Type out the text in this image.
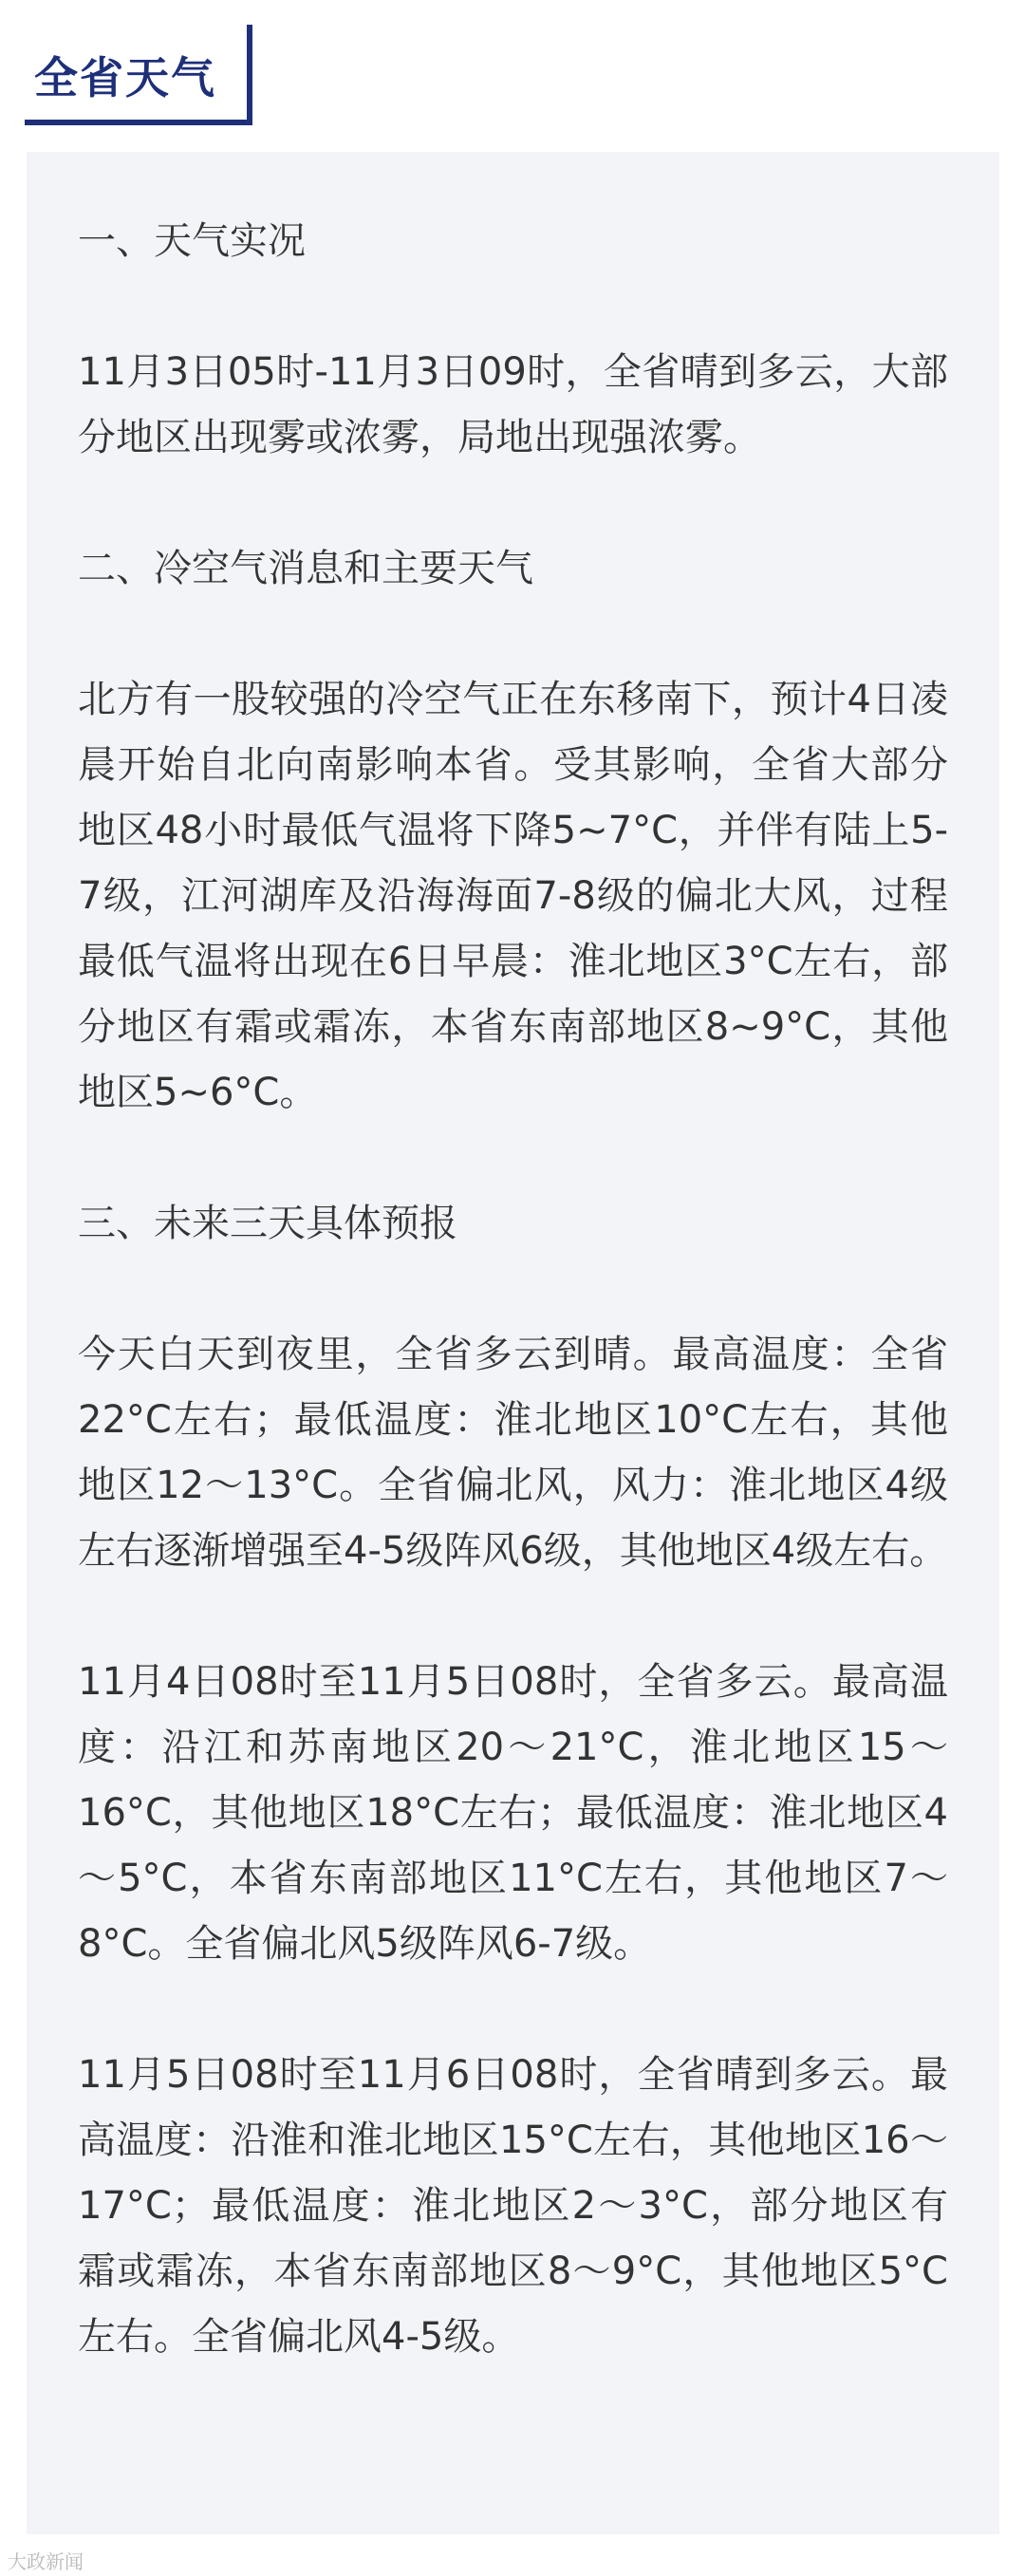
全省天气
一、天气实况

11月3日05时-11月3日09时，全省晴到多云，大部分地区出现雾或浓雾，局地出现强浓雾。

二、冷空气消息和主要天气

北方有一股较强的冷空气正在东移南下，预计4日凌晨开始自北向南影响本省。受其影响，全省大部分地区48小时最低气温将下降5~7°C，并伴有陆上5-7级，江河湖库及沿海海面7-8级的偏北大风，过程最低气温将出现在6日早晨：淮北地区3°C左右，部分地区有霜或霜冻，本省东南部地区8~9°C，其他地区5~6°C。

三、未来三天具体预报

今天白天到夜里，全省多云到晴。最高温度：全省22°C左右；最低温度：淮北地区10°C左右，其他地区12～13°C。全省偏北风，风力：淮北地区4级左右逐渐增强至4-5级阵风6级，其他地区4级左右。

11月4日08时至11月5日08时，全省多云。最高温度：沿江和苏南地区20～21°C，淮北地区15～16°C，其他地区18°C左右；最低温度：淮北地区4～5°C，本省东南部地区11°C左右，其他地区7～8°C。全省偏北风5级阵风6-7级。

11月5日08时至11月6日08时，全省晴到多云。最高温度：沿淮和淮北地区15°C左右，其他地区16～17°C；最低温度：淮北地区2～3°C，部分地区有霜或霜冻，本省东南部地区8～9°C，其他地区5°C左右。全省偏北风4-5级。

大政新闻
